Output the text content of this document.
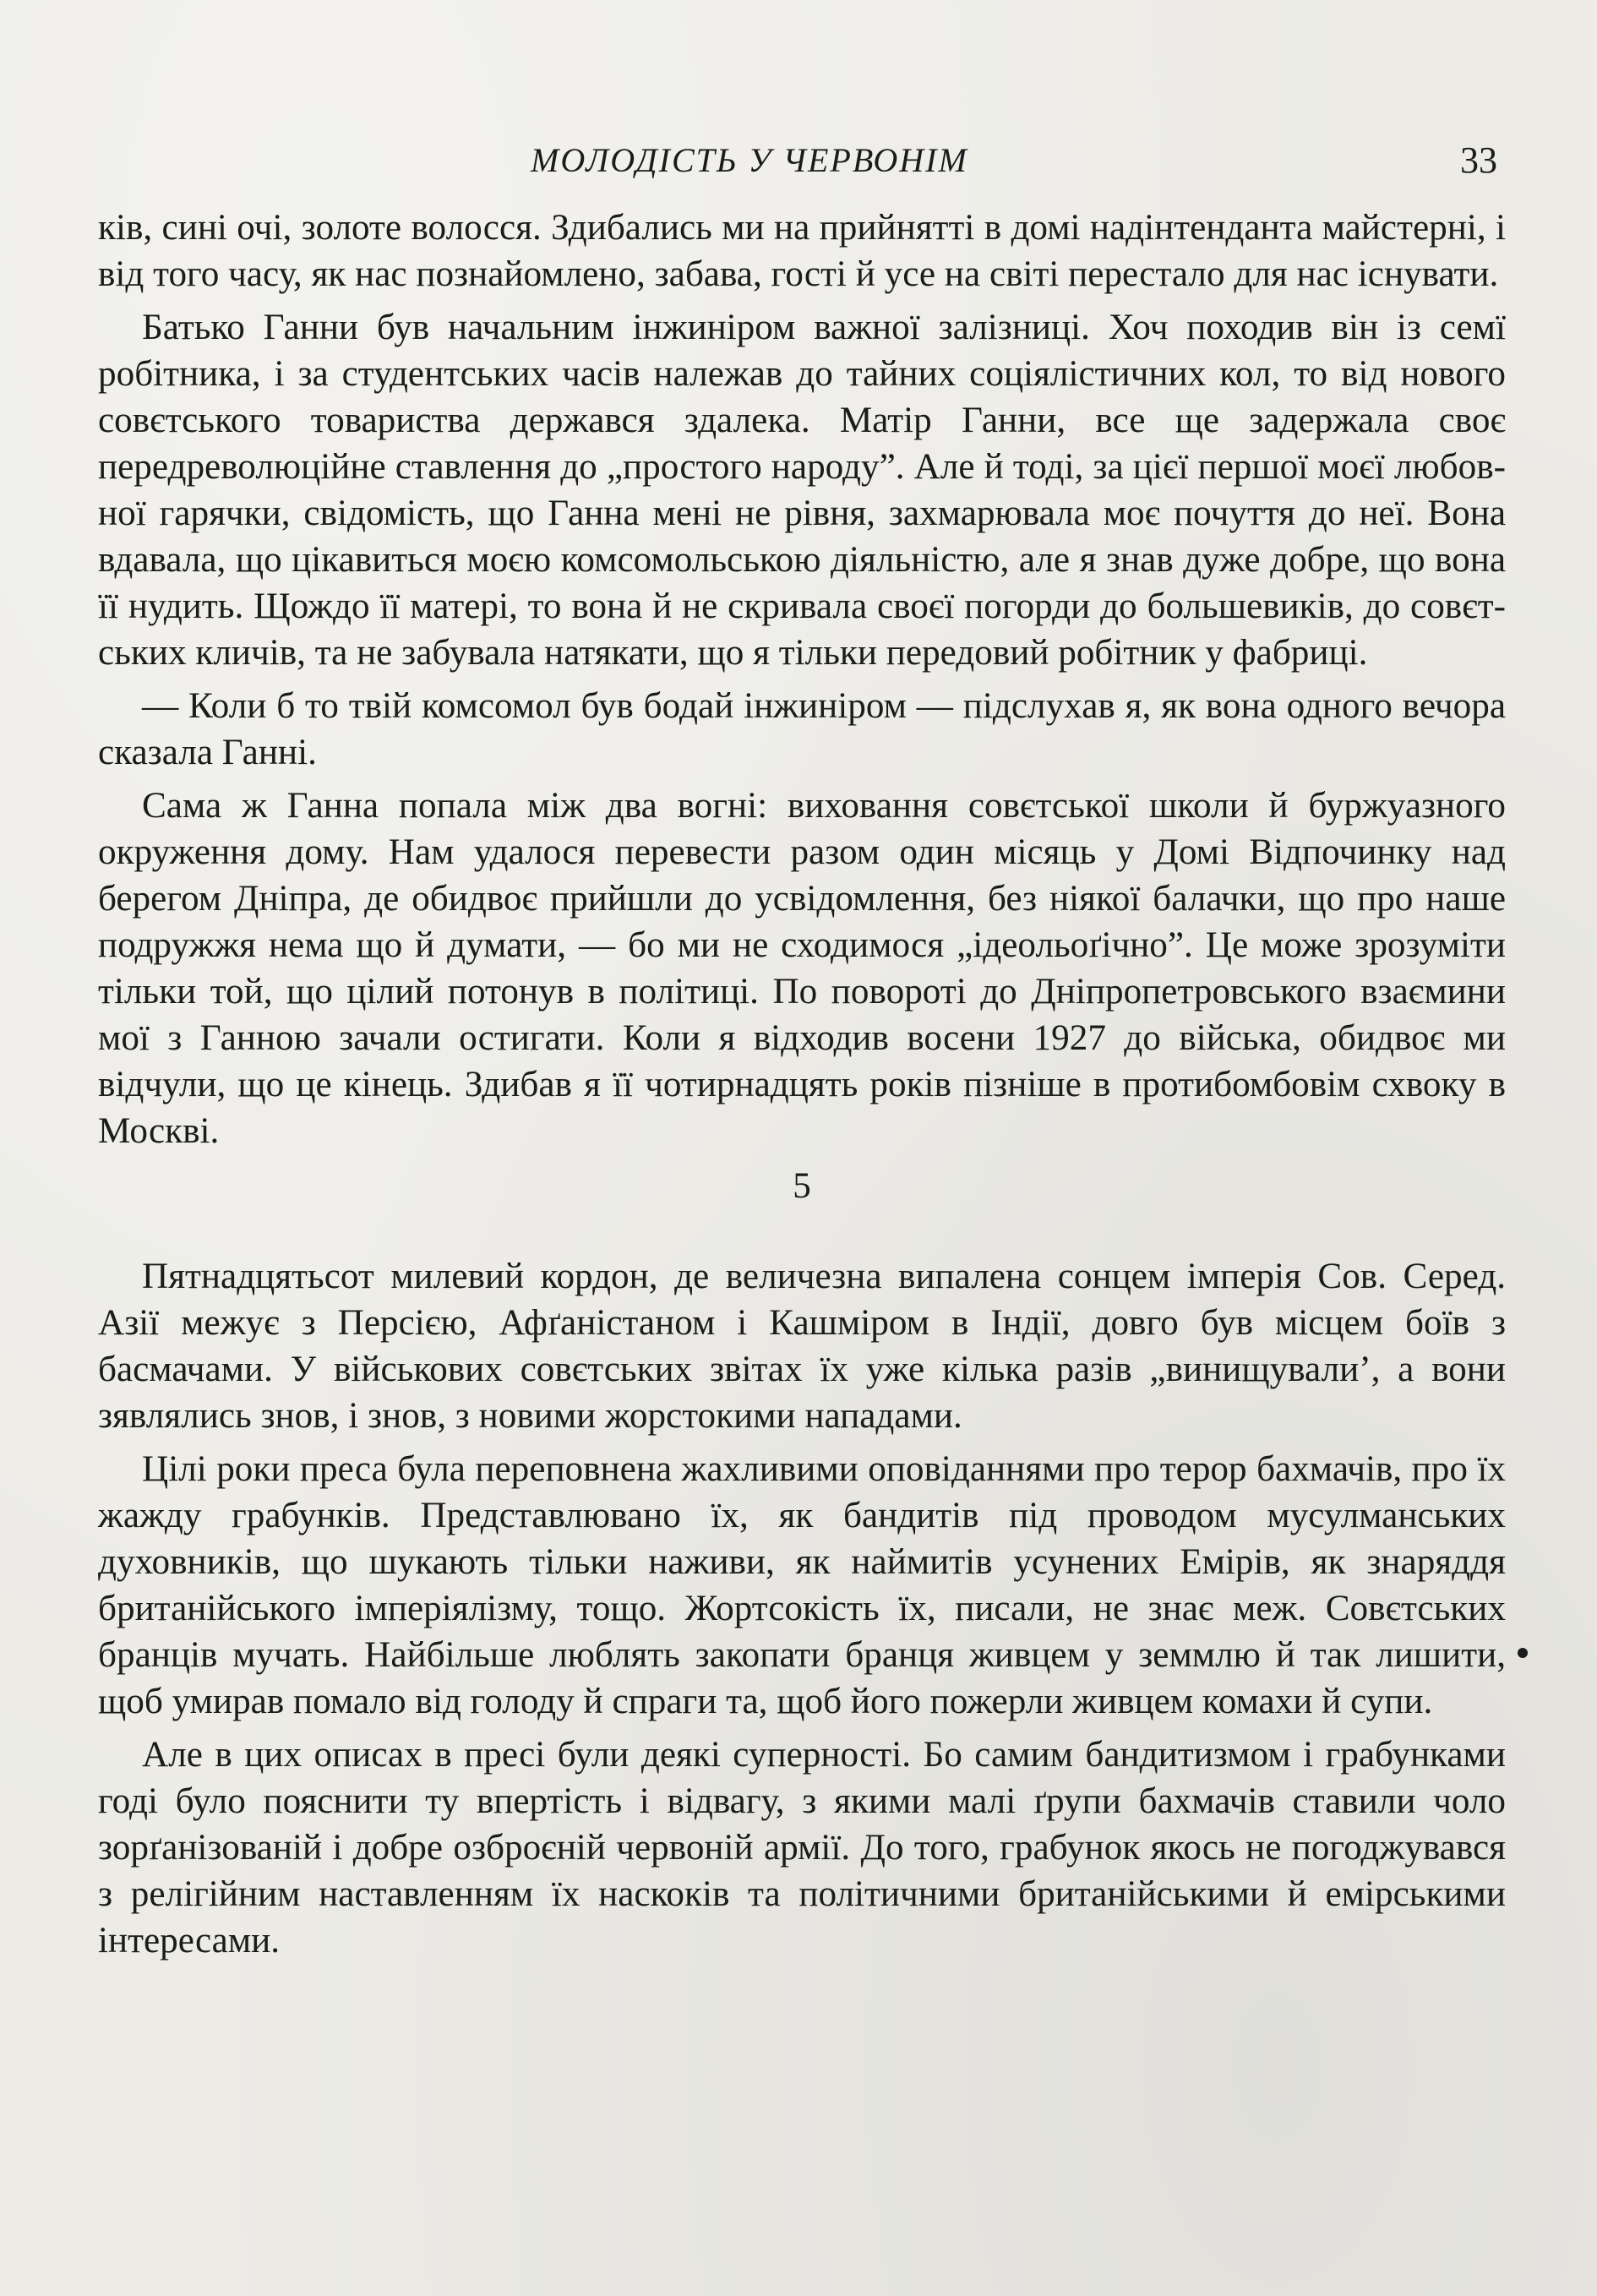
МОЛОДІСТЬ У ЧЕРВОНІМ	33

ків, сині очі, золоте волосся. Здибались ми на прийнятті в домі надінтенданта майстерні, і від того часу, як нас познайомлено, забава, гості й усе на світі перестало для нас існувати.

Батько Ганни був начальним інжиніром важної залізниці. Хоч походив він із семї робітника, і за студентських часів належав до тайних соціялістичних кол, то від нового совєтського товариства держався здалека. Матір Ганни, все ще задержала своє передреволюційне ставлення до „простого народу”. Але й тоді, за цієї першої моєї любовної гарячки, свідомість, що Ганна мені не рівня, захмарювала моє почуття до неї. Вона вдавала, що цікавиться моєю комсомольською діяльністю, але я знав дуже добре, що вона її нудить. Щождо її матері, то вона й не скривала своєї погорди до большевиків, до совєтських кличів, та не забувала натякати, що я тільки передовий робітник у фабриці.

— Коли б то твій комсомол був бодай інжиніром — підслухав я, як вона одного вечора сказала Ганні.

Сама ж Ганна попала між два вогні: виховання совєтської школи й буржуазного окруження дому. Нам удалося перевести разом один місяць у Домі Відпочинку над берегом Дніпра, де обидвоє прийшли до усвідомлення, без ніякої балачки, що про наше подружжя нема що й думати, — бо ми не сходимося „ідеольоґічно”. Це може зрозуміти тільки той, що цілий потонув в політиці. По повороті до Дніпропетровського взаємини мої з Ганною зачали остигати. Коли я відходив восени 1927 до війська, обидвоє ми відчули, що це кінець. Здибав я її чотирнадцять років пізніше в протибомбовім схвоку в Москві.

5

Пятнадцятьсот милевий кордон, де величезна випалена сонцем імперія Сов. Серед. Азії межує з Персією, Афґаністаном і Кашміром в Індії, довго був місцем боїв з басмачами. У військових совєтських звітах їх уже кілька разів „винищували’, а вони зявлялись знов, і знов, з новими жорстокими нападами.

Цілі роки преса була переповнена жахливими оповіданнями про терор бахмачів, про їх жажду грабунків. Представлювано їх, як бандитів під проводом мусулманських духовників, що шукають тільки наживи, як наймитів усунених Емірів, як знаряддя британійського імперіялізму, тощо. Жортсокість їх, писали, не знає меж. Совєтських бранців мучать. Найбільше люблять закопати бранця живцем у земмлю й так лишити, щоб умирав помало від голоду й спраги та, щоб його пожерли живцем комахи й супи.

Але в цих описах в пресі були деякі суперності. Бо самим бандитизмом і грабунками годі було пояснити ту впертість і відвагу, з якими малі ґрупи бахмачів ставили чоло зорґанізованій і добре озброєній червоній армії. До того, грабунок якось не погоджувався з релігійним наставленням їх наскоків та політичними британійськими й емірськими інтересами.
